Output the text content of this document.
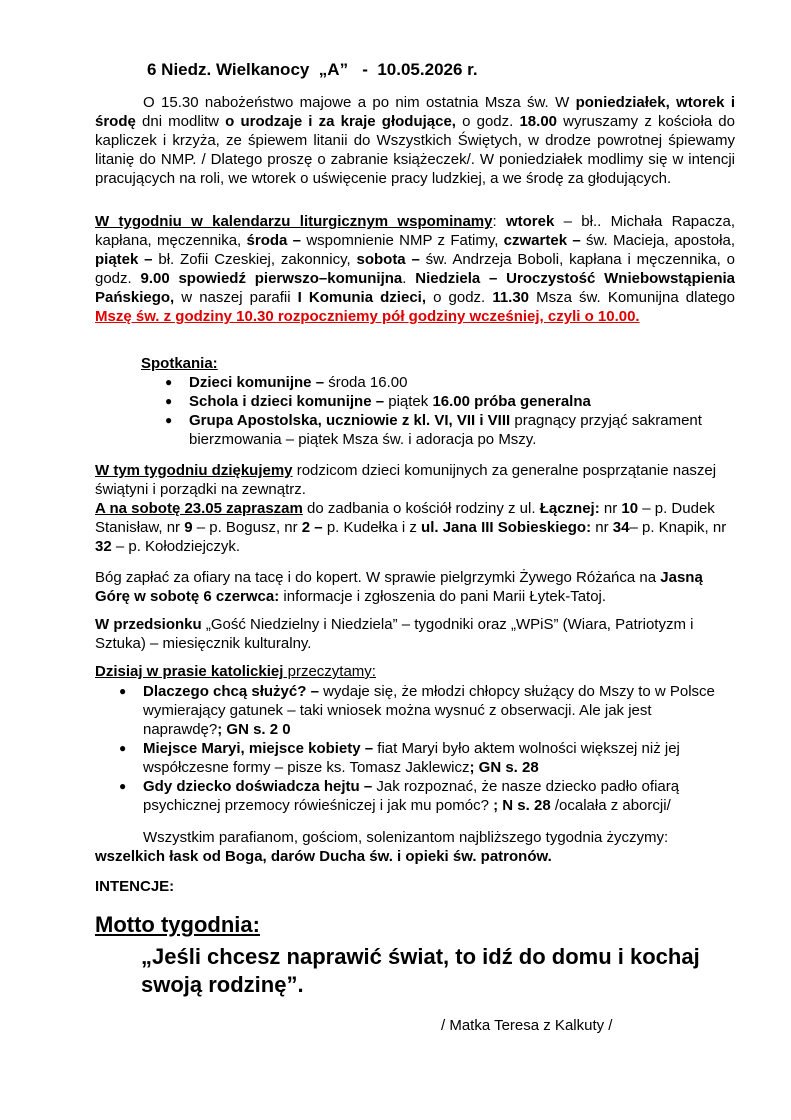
6 Niedz. Wielkanocy  „A”   -  10.05.2026 r.

O 15.30 nabożeństwo majowe a po nim ostatnia Msza św. W poniedziałek, wtorek i środę dni modlitw o urodzaje i za kraje głodujące, o godz. 18.00 wyruszamy z kościoła do kapliczek i krzyża, ze śpiewem litanii do Wszystkich Świętych, w drodze powrotnej śpiewamy litanię do NMP. / Dlatego proszę o zabranie książeczek/. W poniedziałek modlimy się w intencji pracujących na roli, we wtorek o uświęcenie pracy ludzkiej, a we środę za głodujących.

W tygodniu w kalendarzu liturgicznym wspominamy: wtorek – bł.. Michała Rapacza, kapłana, męczennika, środa – wspomnienie NMP z Fatimy, czwartek – św. Macieja, apostoła, piątek – bł. Zofii Czeskiej, zakonnicy, sobota – św. Andrzeja Boboli, kapłana i męczennika, o godz. 9.00 spowiedź pierwszo–komunijna. Niedziela – Uroczystość Wniebowstąpienia Pańskiego, w naszej parafii I Komunia dzieci, o godz. 11.30 Msza św. Komunijna dlatego Mszę św. z godziny 10.30 rozpoczniemy pół godziny wcześniej, czyli o 10.00.

Spotkania:
● Dzieci komunijne – środa 16.00
● Schola i dzieci komunijne – piątek 16.00 próba generalna
● Grupa Apostolska, uczniowie z kl. VI, VII i VIII pragnący przyjąć sakrament bierzmowania – piątek Msza św. i adoracja po Mszy.

W tym tygodniu dziękujemy rodzicom dzieci komunijnych za generalne posprzątanie naszej świątyni i porządki na zewnątrz.
A na sobotę 23.05 zapraszam do zadbania o kościół rodziny z ul. Łącznej: nr 10 – p. Dudek Stanisław, nr 9 – p. Bogusz, nr 2 – p. Kudełka i z ul. Jana III Sobieskiego: nr 34– p. Knapik, nr 32 – p. Kołodziejczyk.

Bóg zapłać za ofiary na tacę i do kopert. W sprawie pielgrzymki Żywego Różańca na Jasną Górę w sobotę 6 czerwca: informacje i zgłoszenia do pani Marii Łytek-Tatoj.

W przedsionku „Gość Niedzielny i Niedziela” – tygodniki oraz „WPiS” (Wiara, Patriotyzm i Sztuka) – miesięcznik kulturalny.

Dzisiaj w prasie katolickiej przeczytamy:
● Dlaczego chcą służyć? – wydaje się, że młodzi chłopcy służący do Mszy to w Polsce wymierający gatunek – taki wniosek można wysnuć z obserwacji. Ale jak jest naprawdę?; GN s. 2 0
● Miejsce Maryi, miejsce kobiety – fiat Maryi było aktem wolności większej niż jej współczesne formy – pisze ks. Tomasz Jaklewicz; GN s. 28
● Gdy dziecko doświadcza hejtu – Jak rozpoznać, że nasze dziecko padło ofiarą psychicznej przemocy rówieśniczej i jak mu pomóc? ; N s. 28 /ocalała z aborcji/

Wszystkim parafianom, gościom, solenizantom najbliższego tygodnia życzymy: wszelkich łask od Boga, darów Ducha św. i opieki św. patronów.

INTENCJE:
Motto tygodnia:
„Jeśli chcesz naprawić świat, to idź do domu i kochaj swoją rodzinę”.
/ Matka Teresa z Kalkuty /
